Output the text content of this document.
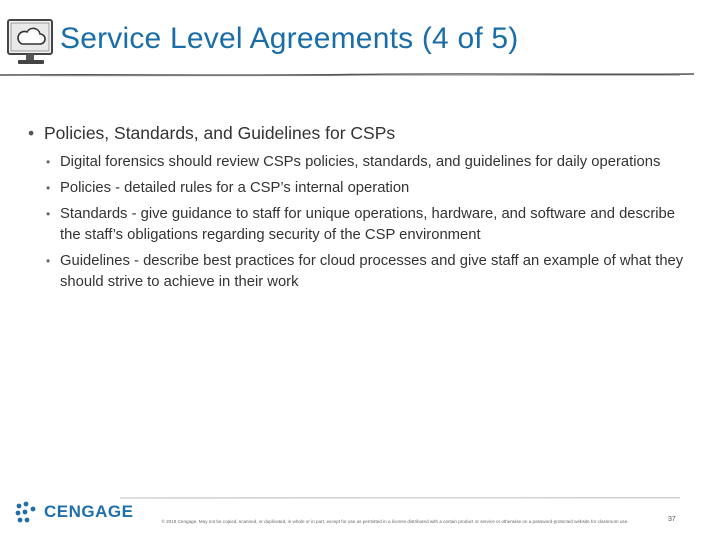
Service Level Agreements (4 of 5)
• Policies, Standards, and Guidelines for CSPs
• Digital forensics should review CSPs policies, standards, and guidelines for daily operations
• Policies - detailed rules for a CSP’s internal operation
• Standards - give guidance to staff for unique operations, hardware, and software and describe the staff’s obligations regarding security of the CSP environment
• Guidelines - describe best practices for cloud processes and give staff an example of what they should strive to achieve in their work
CENGAGE
© 2019 Cengage. May not be copied, scanned, or duplicated, in whole or in part, except for use as permitted in a license distributed with a certain product or service or otherwise on a password-protected website for classroom use.	37
